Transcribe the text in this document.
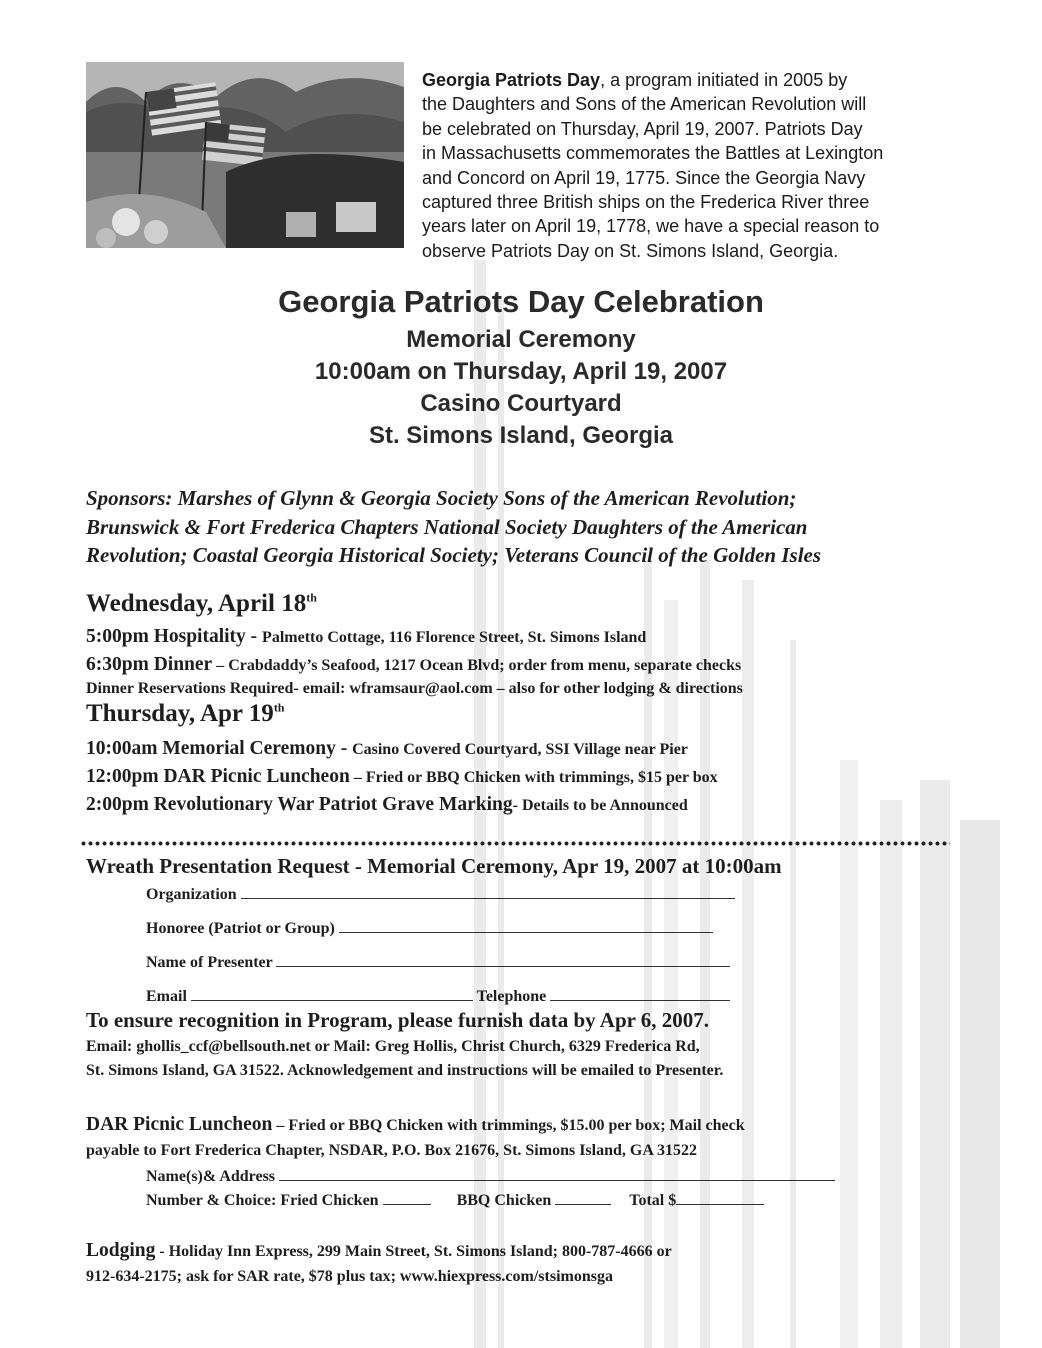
Georgia Patriots Day, a program initiated in 2005 by
the Daughters and Sons of the American Revolution will
be celebrated on Thursday, April 19, 2007. Patriots Day
in Massachusetts commemorates the Battles at Lexington
and Concord on April 19, 1775. Since the Georgia Navy
captured three British ships on the Frederica River three
years later on April 19, 1778, we have a special reason to
observe Patriots Day on St. Simons Island, Georgia.
Georgia Patriots Day Celebration
Memorial Ceremony
10:00am on Thursday, April 19, 2007
Casino Courtyard
St. Simons Island, Georgia
Sponsors: Marshes of Glynn & Georgia Society Sons of the American Revolution;
Brunswick & Fort Frederica Chapters National Society Daughters of the American
Revolution; Coastal Georgia Historical Society; Veterans Council of the Golden Isles
Wednesday, April 18th
5:00pm Hospitality - Palmetto Cottage, 116 Florence Street, St. Simons Island
6:30pm Dinner – Crabdaddy’s Seafood, 1217 Ocean Blvd; order from menu, separate checks
Dinner Reservations Required- email: wframsaur@aol.com – also for other lodging & directions
Thursday, Apr 19th
10:00am Memorial Ceremony - Casino Covered Courtyard, SSI Village near Pier
12:00pm DAR Picnic Luncheon – Fried or BBQ Chicken with trimmings, $15 per box
2:00pm Revolutionary War Patriot Grave Marking- Details to be Announced
Wreath Presentation Request - Memorial Ceremony, Apr 19, 2007 at 10:00am
Organization
Honoree (Patriot or Group)
Name of Presenter
Email	Telephone
To ensure recognition in Program, please furnish data by Apr 6, 2007.
Email: ghollis_ccf@bellsouth.net or Mail: Greg Hollis, Christ Church, 6329 Frederica Rd,
St. Simons Island, GA 31522. Acknowledgement and instructions will be emailed to Presenter.
DAR Picnic Luncheon – Fried or BBQ Chicken with trimmings, $15.00 per box; Mail check
payable to Fort Frederica Chapter, NSDAR, P.O. Box 21676, St. Simons Island, GA 31522
Name(s)& Address
Number & Choice: Fried Chicken	BBQ Chicken	Total $
Lodging - Holiday Inn Express, 299 Main Street, St. Simons Island; 800-787-4666 or
912-634-2175; ask for SAR rate, $78 plus tax; www.hiexpress.com/stsimonsga
